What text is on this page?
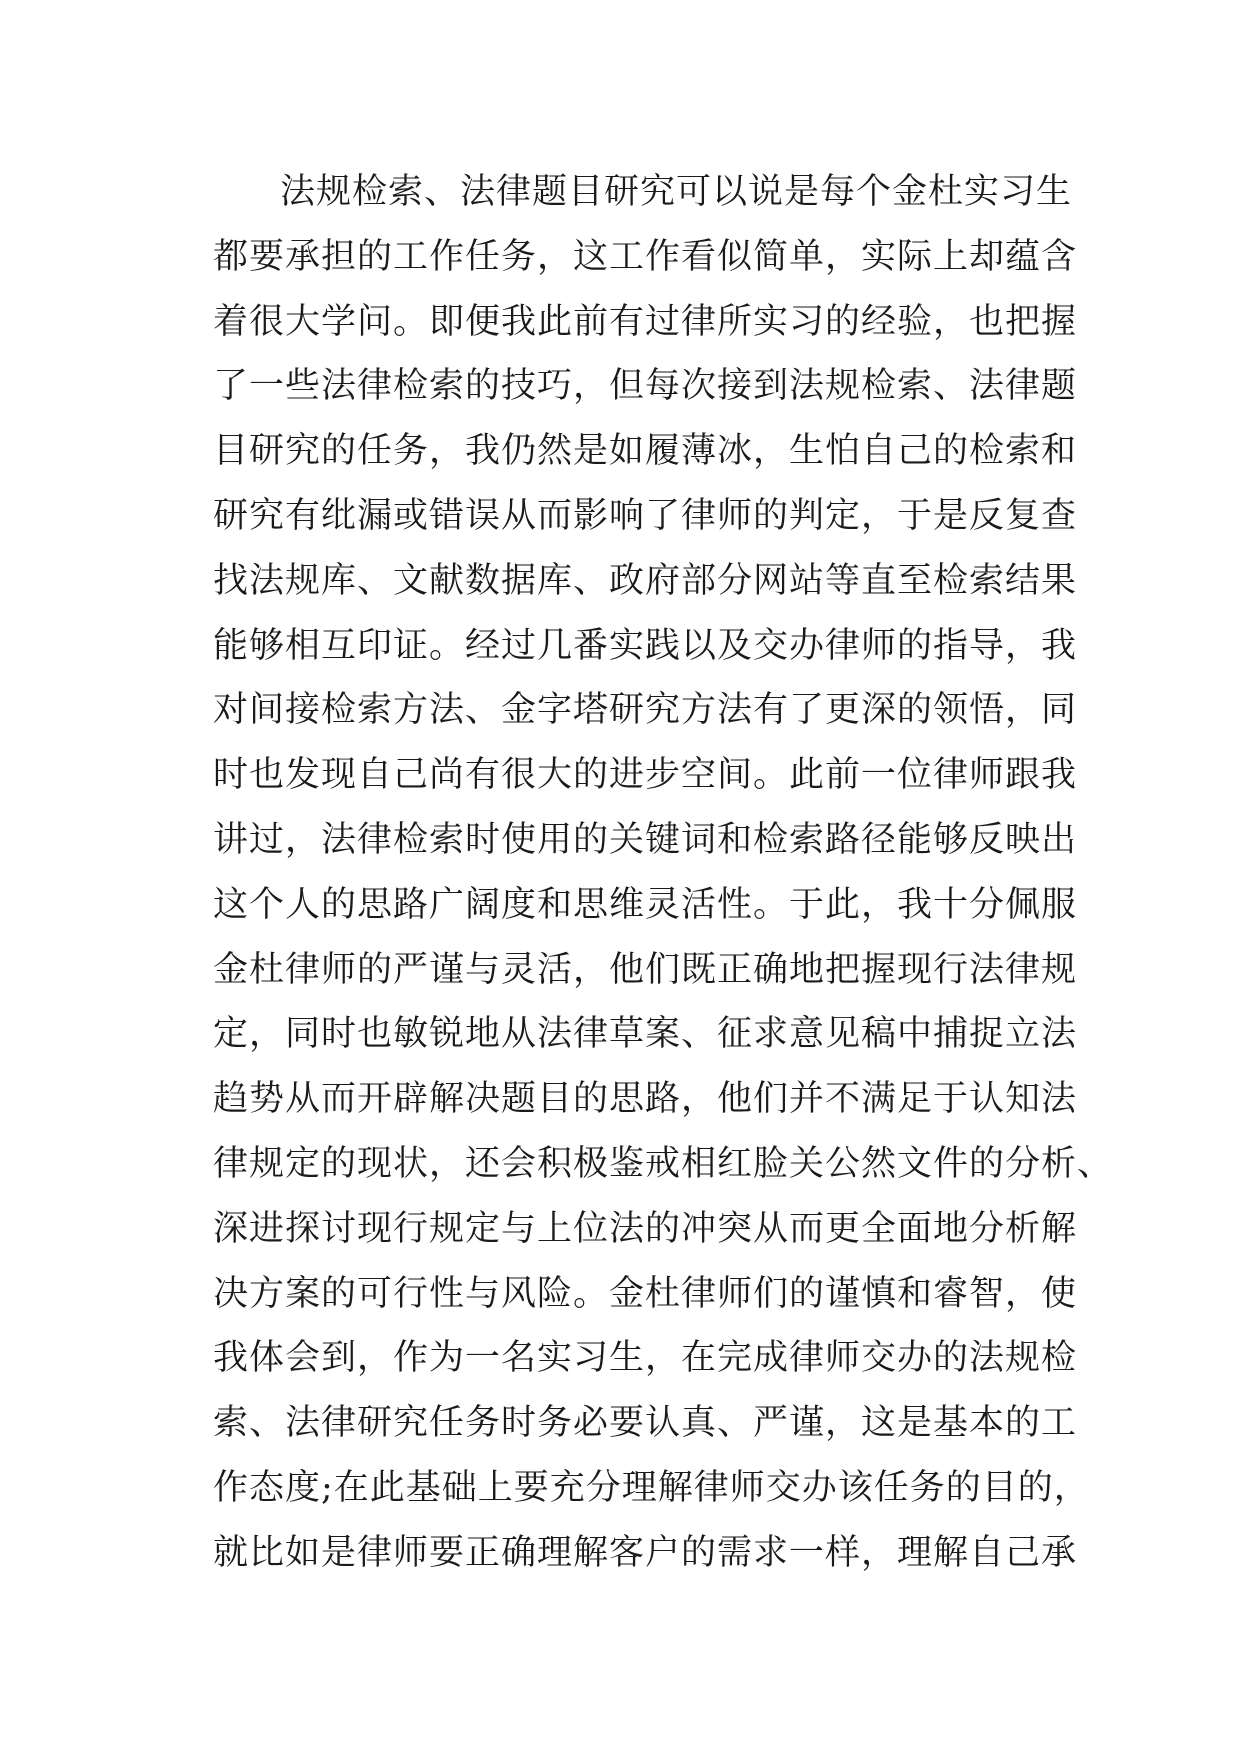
法规检索、法律题目研究可以说是每个金杜实习生
都要承担的工作任务，这工作看似简单，实际上却蕴含
着很大学问。即便我此前有过律所实习的经验，也把握
了一些法律检索的技巧，但每次接到法规检索、法律题
目研究的任务，我仍然是如履薄冰，生怕自己的检索和
研究有纰漏或错误从而影响了律师的判定，于是反复查
找法规库、文献数据库、政府部分网站等直至检索结果
能够相互印证。经过几番实践以及交办律师的指导，我
对间接检索方法、金字塔研究方法有了更深的领悟，同
时也发现自己尚有很大的进步空间。此前一位律师跟我
讲过，法律检索时使用的关键词和检索路径能够反映出
这个人的思路广阔度和思维灵活性。于此，我十分佩服
金杜律师的严谨与灵活，他们既正确地把握现行法律规
定，同时也敏锐地从法律草案、征求意见稿中捕捉立法
趋势从而开辟解决题目的思路，他们并不满足于认知法
律规定的现状，还会积极鉴戒相红脸关公然文件的分析、
深进探讨现行规定与上位法的冲突从而更全面地分析解
决方案的可行性与风险。金杜律师们的谨慎和睿智，使
我体会到，作为一名实习生，在完成律师交办的法规检
索、法律研究任务时务必要认真、严谨，这是基本的工
作态度;在此基础上要充分理解律师交办该任务的目的，
就比如是律师要正确理解客户的需求一样，理解自己承
